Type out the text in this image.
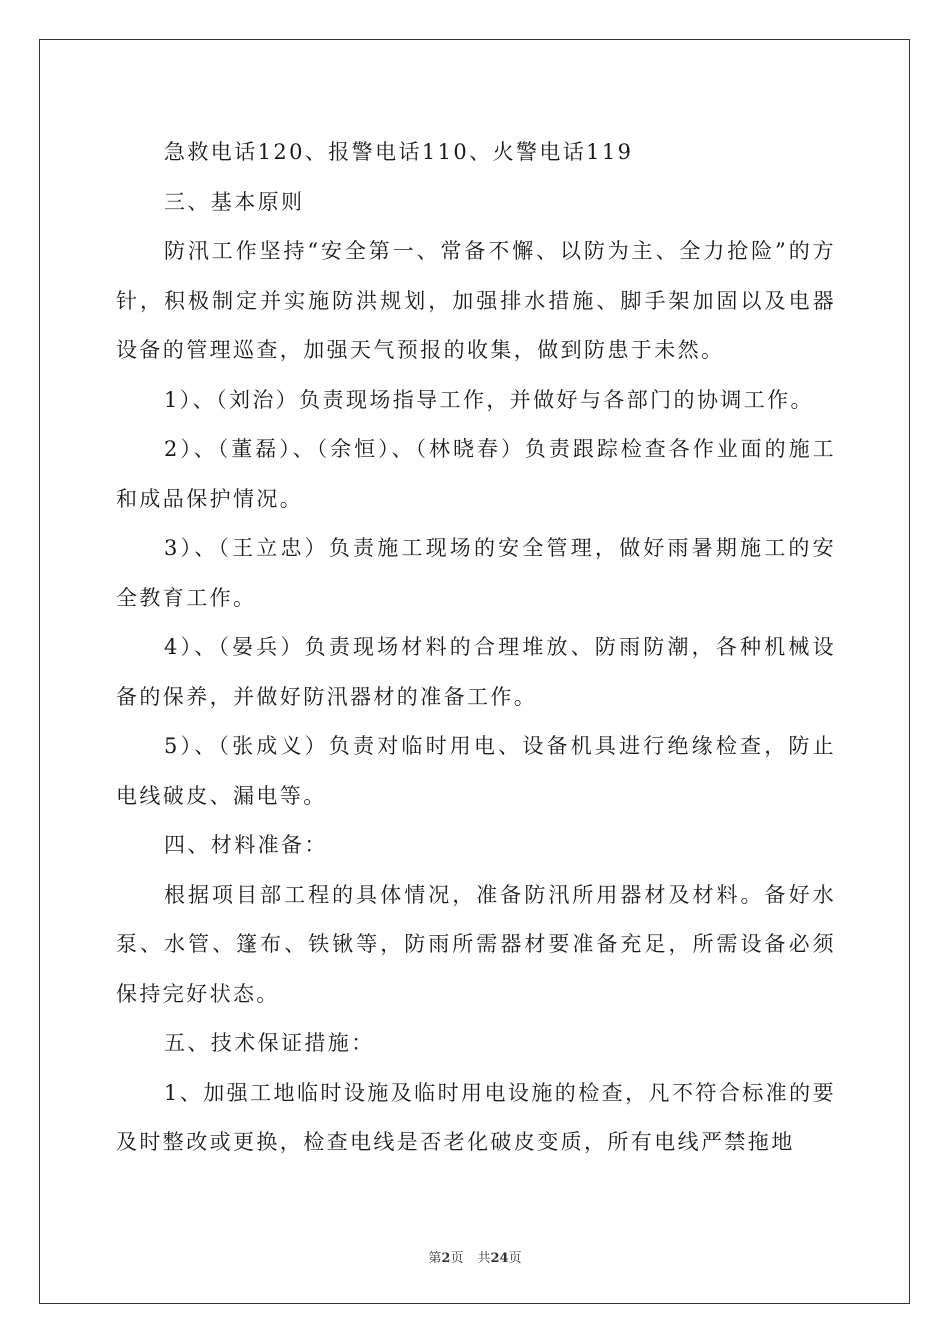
急救电话120、报警电话110、火警电话119

三、基本原则

防汛工作坚持“安全第一、常备不懈、以防为主、全力抢险”的方针，积极制定并实施防洪规划，加强排水措施、脚手架加固以及电器设备的管理巡查，加强天气预报的收集，做到防患于未然。

1）、（刘治）负责现场指导工作，并做好与各部门的协调工作。

2）、（董磊）、（余恒）、（林晓春）负责跟踪检查各作业面的施工和成品保护情况。

3）、（王立忠）负责施工现场的安全管理，做好雨暑期施工的安全教育工作。

4）、（晏兵）负责现场材料的合理堆放、防雨防潮，各种机械设备的保养，并做好防汛器材的准备工作。

5）、（张成义）负责对临时用电、设备机具进行绝缘检查，防止电线破皮、漏电等。

四、材料准备：

根据项目部工程的具体情况，准备防汛所用器材及材料。备好水泵、水管、篷布、铁锹等，防雨所需器材要准备充足，所需设备必须保持完好状态。

五、技术保证措施：

1、加强工地临时设施及临时用电设施的检查，凡不符合标准的要及时整改或更换，检查电线是否老化破皮变质，所有电线严禁拖地

第2页 共24页
